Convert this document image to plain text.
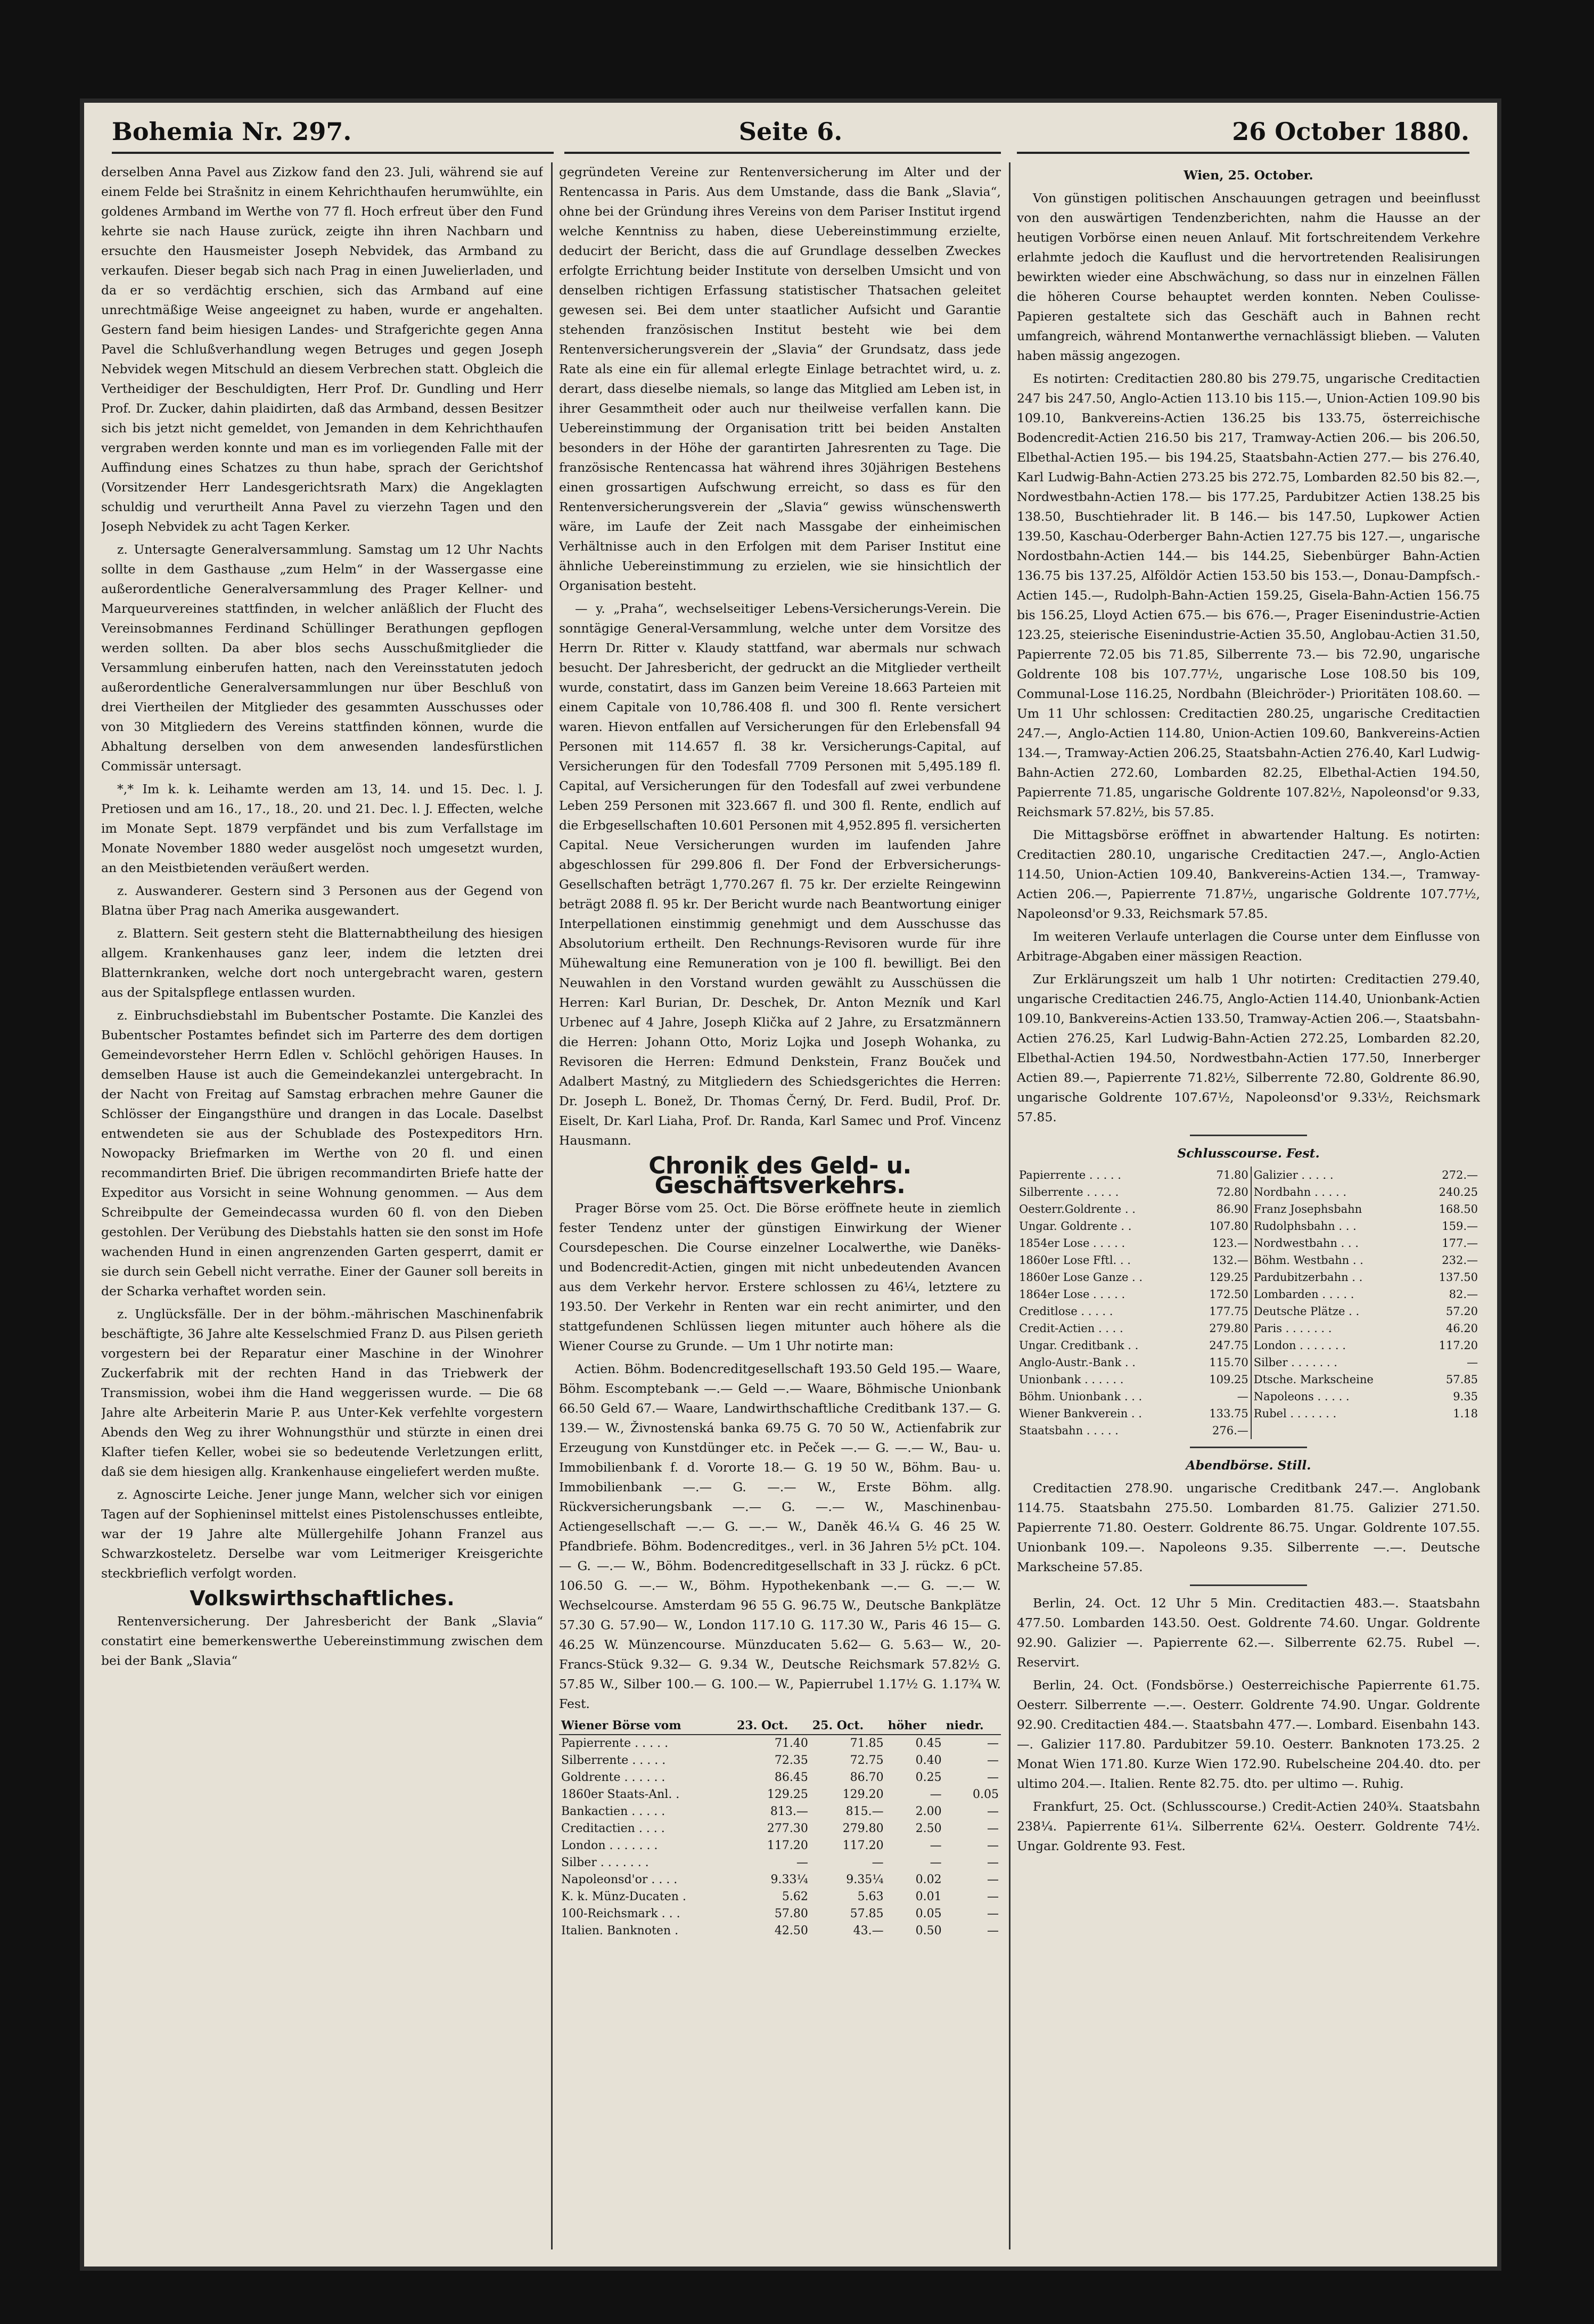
Bohemia Nr. 297.	Seite 6.	26 October 1880.

derselben Anna Pavel aus Zizkow fand den 23. Juli, während sie auf einem Felde bei Strašnitz in einem Kehrichthaufen herumwühlte, ein goldenes Armband im Werthe von 77 fl. Hoch erfreut über den Fund kehrte sie nach Hause zurück, zeigte ihn ihren Nachbarn und ersuchte den Hausmeister Joseph Nebvidek, das Armband zu verkaufen. Dieser begab sich nach Prag in einen Juwelierladen, und da er so verdächtig erschien, sich das Armband auf eine unrechtmäßige Weise angeeignet zu haben, wurde er angehalten. Gestern fand beim hiesigen Landes- und Strafgerichte gegen Anna Pavel die Schlußverhandlung wegen Betruges und gegen Joseph Nebvidek wegen Mitschuld an diesem Verbrechen statt. Obgleich die Vertheidiger der Beschuldigten, Herr Prof. Dr. Gundling und Herr Prof. Dr. Zucker, dahin plaidirten, daß das Armband, dessen Besitzer sich bis jetzt nicht gemeldet, von Jemanden in dem Kehrichthaufen vergraben werden konnte und man es im vorliegenden Falle mit der Auffindung eines Schatzes zu thun habe, sprach der Gerichtshof (Vorsitzender Herr Landesgerichtsrath Marx) die Angeklagten schuldig und verurtheilt Anna Pavel zu vierzehn Tagen und den Joseph Nebvidek zu acht Tagen Kerker.

z. Untersagte Generalversammlung. Samstag um 12 Uhr Nachts sollte in dem Gasthause „zum Helm“ in der Wassergasse eine außerordentliche Generalversammlung des Prager Kellner- und Marqueurvereines stattfinden, in welcher anläßlich der Flucht des Vereinsobmannes Ferdinand Schüllinger Berathungen gepflogen werden sollten. Da aber blos sechs Ausschußmitglieder die Versammlung einberufen hatten, nach den Vereinsstatuten jedoch außerordentliche Generalversammlungen nur über Beschluß von drei Viertheilen der Mitglieder des gesammten Ausschusses oder von 30 Mitgliedern des Vereins stattfinden können, wurde die Abhaltung derselben von dem anwesenden landesfürstlichen Commissär untersagt.

*,* Im k. k. Leihamte werden am 13, 14. und 15. Dec. l. J. Pretiosen und am 16., 17., 18., 20. und 21. Dec. l. J. Effecten, welche im Monate Sept. 1879 verpfändet und bis zum Verfallstage im Monate November 1880 weder ausgelöst noch umgesetzt wurden, an den Meistbietenden veräußert werden.

z. Auswanderer. Gestern sind 3 Personen aus der Gegend von Blatna über Prag nach Amerika ausgewandert.

z. Blattern. Seit gestern steht die Blatternabtheilung des hiesigen allgem. Krankenhauses ganz leer, indem die letzten drei Blatternkranken, welche dort noch untergebracht waren, gestern aus der Spitalspflege entlassen wurden.

z. Einbruchsdiebstahl im Bubentscher Postamte. Die Kanzlei des Bubentscher Postamtes befindet sich im Parterre des dem dortigen Gemeindevorsteher Herrn Edlen v. Schlöchl gehörigen Hauses. In demselben Hause ist auch die Gemeindekanzlei untergebracht. In der Nacht von Freitag auf Samstag erbrachen mehre Gauner die Schlösser der Eingangsthüre und drangen in das Locale. Daselbst entwendeten sie aus der Schublade des Postexpeditors Hrn. Nowopacky Briefmarken im Werthe von 20 fl. und einen recommandirten Brief. Die übrigen recommandirten Briefe hatte der Expeditor aus Vorsicht in seine Wohnung genommen. — Aus dem Schreibpulte der Gemeindecassa wurden 60 fl. von den Dieben gestohlen. Der Verübung des Diebstahls hatten sie den sonst im Hofe wachenden Hund in einen angrenzenden Garten gesperrt, damit er sie durch sein Gebell nicht verrathe. Einer der Gauner soll bereits in der Scharka verhaftet worden sein.

z. Unglücksfälle. Der in der böhm.-mährischen Maschinenfabrik beschäftigte, 36 Jahre alte Kesselschmied Franz D. aus Pilsen gerieth vorgestern bei der Reparatur einer Maschine in der Winohrer Zuckerfabrik mit der rechten Hand in das Triebwerk der Transmission, wobei ihm die Hand weggerissen wurde. — Die 68 Jahre alte Arbeiterin Marie P. aus Unter-Kek verfehlte vorgestern Abends den Weg zu ihrer Wohnungsthür und stürzte in einen drei Klafter tiefen Keller, wobei sie so bedeutende Verletzungen erlitt, daß sie dem hiesigen allg. Krankenhause eingeliefert werden mußte.

z. Agnoscirte Leiche. Jener junge Mann, welcher sich vor einigen Tagen auf der Sophieninsel mittelst eines Pistolenschusses entleibte, war der 19 Jahre alte Müllergehilfe Johann Franzel aus Schwarzkosteletz. Derselbe war vom Leitmeriger Kreisgerichte steckbrieflich verfolgt worden.

Volkswirthschaftliches.

Rentenversicherung. Der Jahresbericht der Bank „Slavia“ constatirt eine bemerkenswerthe Uebereinstimmung zwischen dem bei der Bank „Slavia“

gegründeten Vereine zur Rentenversicherung im Alter und der Rentencassa in Paris. Aus dem Umstande, dass die Bank „Slavia“, ohne bei der Gründung ihres Vereins von dem Pariser Institut irgend welche Kenntniss zu haben, diese Uebereinstimmung erzielte, deducirt der Bericht, dass die auf Grundlage desselben Zweckes erfolgte Errichtung beider Institute von derselben Umsicht und von denselben richtigen Erfassung statistischer Thatsachen geleitet gewesen sei. Bei dem unter staatlicher Aufsicht und Garantie stehenden französischen Institut besteht wie bei dem Rentenversicherungsverein der „Slavia“ der Grundsatz, dass jede Rate als eine ein für allemal erlegte Einlage betrachtet wird, u. z. derart, dass dieselbe niemals, so lange das Mitglied am Leben ist, in ihrer Gesammtheit oder auch nur theilweise verfallen kann. Die Uebereinstimmung der Organisation tritt bei beiden Anstalten besonders in der Höhe der garantirten Jahresrenten zu Tage. Die französische Rentencassa hat während ihres 30jährigen Bestehens einen grossartigen Aufschwung erreicht, so dass es für den Rentenversicherungsverein der „Slavia“ gewiss wünschenswerth wäre, im Laufe der Zeit nach Massgabe der einheimischen Verhältnisse auch in den Erfolgen mit dem Pariser Institut eine ähnliche Uebereinstimmung zu erzielen, wie sie hinsichtlich der Organisation besteht.

— y. „Praha“, wechselseitiger Lebens-Versicherungs-Verein. Die sonntägige General-Versammlung, welche unter dem Vorsitze des Herrn Dr. Ritter v. Klaudy stattfand, war abermals nur schwach besucht. Der Jahresbericht, der gedruckt an die Mitglieder vertheilt wurde, constatirt, dass im Ganzen beim Vereine 18.663 Parteien mit einem Capitale von 10,786.408 fl. und 300 fl. Rente versichert waren. Hievon entfallen auf Versicherungen für den Erlebensfall 94 Personen mit 114.657 fl. 38 kr. Versicherungs-Capital, auf Versicherungen für den Todesfall 7709 Personen mit 5,495.189 fl. Capital, auf Versicherungen für den Todesfall auf zwei verbundene Leben 259 Personen mit 323.667 fl. und 300 fl. Rente, endlich auf die Erbgesellschaften 10.601 Personen mit 4,952.895 fl. versicherten Capital. Neue Versicherungen wurden im laufenden Jahre abgeschlossen für 299.806 fl. Der Fond der Erbversicherungs-Gesellschaften beträgt 1,770.267 fl. 75 kr. Der erzielte Reingewinn beträgt 2088 fl. 95 kr. Der Bericht wurde nach Beantwortung einiger Interpellationen einstimmig genehmigt und dem Ausschusse das Absolutorium ertheilt. Den Rechnungs-Revisoren wurde für ihre Mühewaltung eine Remuneration von je 100 fl. bewilligt. Bei den Neuwahlen in den Vorstand wurden gewählt zu Ausschüssen die Herren: Karl Burian, Dr. Deschek, Dr. Anton Mezník und Karl Urbenec auf 4 Jahre, Joseph Klička auf 2 Jahre, zu Ersatzmännern die Herren: Johann Otto, Moriz Lojka und Joseph Wohanka, zu Revisoren die Herren: Edmund Denkstein, Franz Bouček und Adalbert Mastný, zu Mitgliedern des Schiedsgerichtes die Herren: Dr. Joseph L. Bonež, Dr. Thomas Černý, Dr. Ferd. Budil, Prof. Dr. Eiselt, Dr. Karl Liaha, Prof. Dr. Randa, Karl Samec und Prof. Vincenz Hausmann.

Chronik des Geld- u. Geschäftsverkehrs.

Prager Börse vom 25. Oct. Die Börse eröffnete heute in ziemlich fester Tendenz unter der günstigen Einwirkung der Wiener Coursdepeschen. Die Course einzelner Localwerthe, wie Danëks- und Bodencredit-Actien, gingen mit nicht unbedeutenden Avancen aus dem Verkehr hervor. Erstere schlossen zu 46¼, letztere zu 193.50. Der Verkehr in Renten war ein recht animirter, und den stattgefundenen Schlüssen liegen mitunter auch höhere als die Wiener Course zu Grunde. — Um 1 Uhr notirte man:

Actien. Böhm. Bodencreditgesellschaft 193.50 Geld 195.— Waare, Böhm. Escomptebank —.— Geld —.— Waare, Böhmische Unionbank 66.50 Geld 67.— Waare, Landwirthschaftliche Creditbank 137.— G. 139.— W., Živnostenská banka 69.75 G. 70 50 W., Actienfabrik zur Erzeugung von Kunstdünger etc. in Peček —.— G. —.— W., Bau- u. Immobilienbank f. d. Vororte 18.— G. 19 50 W., Böhm. Bau- u. Immobilienbank —.— G. —.— W., Erste Böhm. allg. Rückversicherungsbank —.— G. —.— W., Maschinenbau-Actiengesellschaft —.— G. —.— W., Daněk 46.¼ G. 46 25 W. Pfandbriefe. Böhm. Bodencreditges., verl. in 36 Jahren 5½ pCt. 104.— G. —.— W., Böhm. Bodencreditgesellschaft in 33 J. rückz. 6 pCt. 106.50 G. —.— W., Böhm. Hypothekenbank —.— G. —.— W. Wechselcourse. Amsterdam 96 55 G. 96.75 W., Deutsche Bankplätze 57.30 G. 57.90— W., London 117.10 G. 117.30 W., Paris 46 15— G. 46.25 W. Münzencourse. Münzducaten 5.62— G. 5.63— W., 20-Francs-Stück 9.32— G. 9.34 W., Deutsche Reichsmark 57.82½ G. 57.85 W., Silber 100.— G. 100.— W., Papierrubel 1.17½ G. 1.17¾ W. Fest.

Wiener Börse vom	23. Oct.	25. Oct.	höher	niedr.
Papierrente . . . . .	71.40	71.85	0.45	—
Silberrente . . . . .	72.35	72.75	0.40	—
Goldrente . . . . . .	86.45	86.70	0.25	—
1860er Staats-Anl. .	129.25	129.20	—	0.05
Bankactien . . . . .	813.—	815.—	2.00	—
Creditactien . . . .	277.30	279.80	2.50	—
London . . . . . . .	117.20	117.20	—	—
Silber . . . . . . .	—	—	—	—
Napoleonsd'or . . . .	9.33¼	9.35¼	0.02	—
K. k. Münz-Ducaten .	5.62	5.63	0.01	—
100-Reichsmark . . .	57.80	57.85	0.05	—
Italien. Banknoten .	42.50	43.—	0.50	—
Wien, 25. October.

Von günstigen politischen Anschauungen getragen und beeinflusst von den auswärtigen Tendenzberichten, nahm die Hausse an der heutigen Vorbörse einen neuen Anlauf. Mit fortschreitendem Verkehre erlahmte jedoch die Kauflust und die hervortretenden Realisirungen bewirkten wieder eine Abschwächung, so dass nur in einzelnen Fällen die höheren Course behauptet werden konnten. Neben Coulisse-Papieren gestaltete sich das Geschäft auch in Bahnen recht umfangreich, während Montanwerthe vernachlässigt blieben. — Valuten haben mässig angezogen.

Es notirten: Creditactien 280.80 bis 279.75, ungarische Creditactien 247 bis 247.50, Anglo-Actien 113.10 bis 115.—, Union-Actien 109.90 bis 109.10, Bankvereins-Actien 136.25 bis 133.75, österreichische Bodencredit-Actien 216.50 bis 217, Tramway-Actien 206.— bis 206.50, Elbethal-Actien 195.— bis 194.25, Staatsbahn-Actien 277.— bis 276.40, Karl Ludwig-Bahn-Actien 273.25 bis 272.75, Lombarden 82.50 bis 82.—, Nordwestbahn-Actien 178.— bis 177.25, Pardubitzer Actien 138.25 bis 138.50, Buschtiehrader lit. B 146.— bis 147.50, Lupkower Actien 139.50, Kaschau-Oderberger Bahn-Actien 127.75 bis 127.—, ungarische Nordostbahn-Actien 144.— bis 144.25, Siebenbürger Bahn-Actien 136.75 bis 137.25, Alföldör Actien 153.50 bis 153.—, Donau-Dampfsch.-Actien 145.—, Rudolph-Bahn-Actien 159.25, Gisela-Bahn-Actien 156.75 bis 156.25, Lloyd Actien 675.— bis 676.—, Prager Eisenindustrie-Actien 123.25, steierische Eisenindustrie-Actien 35.50, Anglobau-Actien 31.50, Papierrente 72.05 bis 71.85, Silberrente 73.— bis 72.90, ungarische Goldrente 108 bis 107.77½, ungarische Lose 108.50 bis 109, Communal-Lose 116.25, Nordbahn (Bleichröder-) Prioritäten 108.60. — Um 11 Uhr schlossen: Creditactien 280.25, ungarische Creditactien 247.—, Anglo-Actien 114.80, Union-Actien 109.60, Bankvereins-Actien 134.—, Tramway-Actien 206.25, Staatsbahn-Actien 276.40, Karl Ludwig-Bahn-Actien 272.60, Lombarden 82.25, Elbethal-Actien 194.50, Papierrente 71.85, ungarische Goldrente 107.82½, Napoleonsd'or 9.33, Reichsmark 57.82½, bis 57.85.

Die Mittagsbörse eröffnet in abwartender Haltung. Es notirten: Creditactien 280.10, ungarische Creditactien 247.—, Anglo-Actien 114.50, Union-Actien 109.40, Bankvereins-Actien 134.—, Tramway-Actien 206.—, Papierrente 71.87½, ungarische Goldrente 107.77½, Napoleonsd'or 9.33, Reichsmark 57.85.

Im weiteren Verlaufe unterlagen die Course unter dem Einflusse von Arbitrage-Abgaben einer mässigen Reaction.

Zur Erklärungszeit um halb 1 Uhr notirten: Creditactien 279.40, ungarische Creditactien 246.75, Anglo-Actien 114.40, Unionbank-Actien 109.10, Bankvereins-Actien 133.50, Tramway-Actien 206.—, Staatsbahn-Actien 276.25, Karl Ludwig-Bahn-Actien 272.25, Lombarden 82.20, Elbethal-Actien 194.50, Nordwestbahn-Actien 177.50, Innerberger Actien 89.—, Papierrente 71.82½, Silberrente 72.80, Goldrente 86.90, ungarische Goldrente 107.67½, Napoleonsd'or 9.33½, Reichsmark 57.85.

Schlusscourse. Fest.
Papierrente . . . . .	71.80	Galizier . . . . .	272.—
Silberrente . . . . .	72.80	Nordbahn . . . . .	240.25
Oesterr.Goldrente . .	86.90	Franz Josephsbahn	168.50
Ungar. Goldrente . .	107.80	Rudolphsbahn . . .	159.—
1854er Lose . . . . .	123.—	Nordwestbahn . . .	177.—
1860er Lose Fftl. . .	132.—	Böhm. Westbahn . .	232.—
1860er Lose Ganze . .	129.25	Pardubitzerbahn . .	137.50
1864er Lose . . . . .	172.50	Lombarden . . . . .	82.—
Creditlose . . . . .	177.75	Deutsche Plätze . .	57.20
Credit-Actien . . . .	279.80	Paris . . . . . . .	46.20
Ungar. Creditbank . .	247.75	London . . . . . . .	117.20
Anglo-Austr.-Bank . .	115.70	Silber . . . . . . .	—
Unionbank . . . . . .	109.25	Dtsche. Markscheine	57.85
Böhm. Unionbank . . .	—	Napoleons . . . . .	9.35
Wiener Bankverein . .	133.75	Rubel . . . . . . .	1.18
Staatsbahn . . . . .	276.—		
Abendbörse. Still.

Creditactien 278.90. ungarische Creditbank 247.—. Anglobank 114.75. Staatsbahn 275.50. Lombarden 81.75. Galizier 271.50. Papierrente 71.80. Oesterr. Goldrente 86.75. Ungar. Goldrente 107.55. Unionbank 109.—. Napoleons 9.35. Silberrente —.—. Deutsche Markscheine 57.85.

Berlin, 24. Oct. 12 Uhr 5 Min. Creditactien 483.—. Staatsbahn 477.50. Lombarden 143.50. Oest. Goldrente 74.60. Ungar. Goldrente 92.90. Galizier —. Papierrente 62.—. Silberrente 62.75. Rubel —. Reservirt.

Berlin, 24. Oct. (Fondsbörse.) Oesterreichische Papierrente 61.75. Oesterr. Silberrente —.—. Oesterr. Goldrente 74.90. Ungar. Goldrente 92.90. Creditactien 484.—. Staatsbahn 477.—. Lombard. Eisenbahn 143.—. Galizier 117.80. Pardubitzer 59.10. Oesterr. Banknoten 173.25. 2 Monat Wien 171.80. Kurze Wien 172.90. Rubelscheine 204.40. dto. per ultimo 204.—. Italien. Rente 82.75. dto. per ultimo —. Ruhig.

Frankfurt, 25. Oct. (Schlusscourse.) Credit-Actien 240¾. Staatsbahn 238¼. Papierrente 61¼. Silberrente 62¼. Oesterr. Goldrente 74½. Ungar. Goldrente 93. Fest.
